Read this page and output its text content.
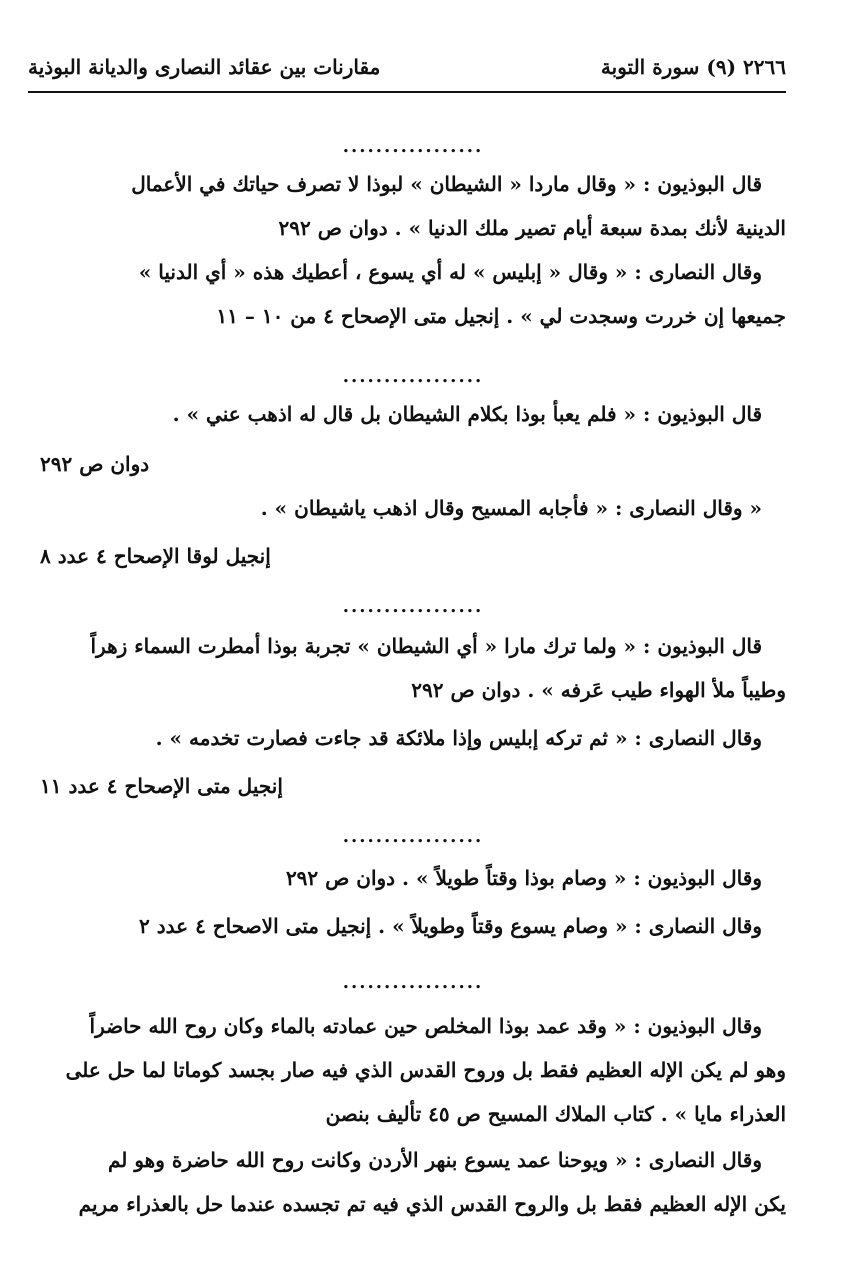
٢٢٦٦ (٩) سورة التوبة
مقارنات بين عقائد النصارى والديانة البوذية
.................
قال البوذيون : « وقال ماردا « الشيطان » لبوذا لا تصرف حياتك في الأعمال
الدينية لأنك بمدة سبعة أيام تصير ملك الدنيا » . دوان ص ٢٩٢
وقال النصارى : « وقال « إبليس » له أي يسوع ، أعطيك هذه « أي الدنيا »
جميعها إن خررت وسجدت لي » . إنجيل متى الإصحاح ٤ من ١٠ – ١١
.................
قال البوذيون : « فلم يعبأ بوذا بكلام الشيطان بل قال له اذهب عني » .
دوان ص ٢٩٢
« وقال النصارى : « فأجابه المسيح وقال اذهب ياشيطان » .
إنجيل لوقا الإصحاح ٤ عدد ٨
.................
قال البوذيون : « ولما ترك مارا « أي الشيطان » تجربة بوذا أمطرت السماء زهراً
وطيباً ملأ الهواء طيب عَرفه » . دوان ص ٢٩٢
وقال النصارى : « ثم تركه إبليس وإذا ملائكة قد جاءت فصارت تخدمه » .
إنجيل متى الإصحاح ٤ عدد ١١
.................
وقال البوذيون : « وصام بوذا وقتاً طويلاً » . دوان ص ٢٩٢
وقال النصارى : « وصام يسوع وقتاً وطويلاً » . إنجيل متى الاصحاح ٤ عدد ٢
.................
وقال البوذيون : « وقد عمد بوذا المخلص حين عمادته بالماء وكان روح الله حاضراً
وهو لم يكن الإله العظيم فقط بل وروح القدس الذي فيه صار بجسد كوماتا لما حل على
العذراء مايا » . كتاب الملاك المسيح ص ٤٥ تأليف بنصن
وقال النصارى : « ويوحنا عمد يسوع بنهر الأردن وكانت روح الله حاضرة وهو لم
يكن الإله العظيم فقط بل والروح القدس الذي فيه تم تجسده عندما حل بالعذراء مريم
